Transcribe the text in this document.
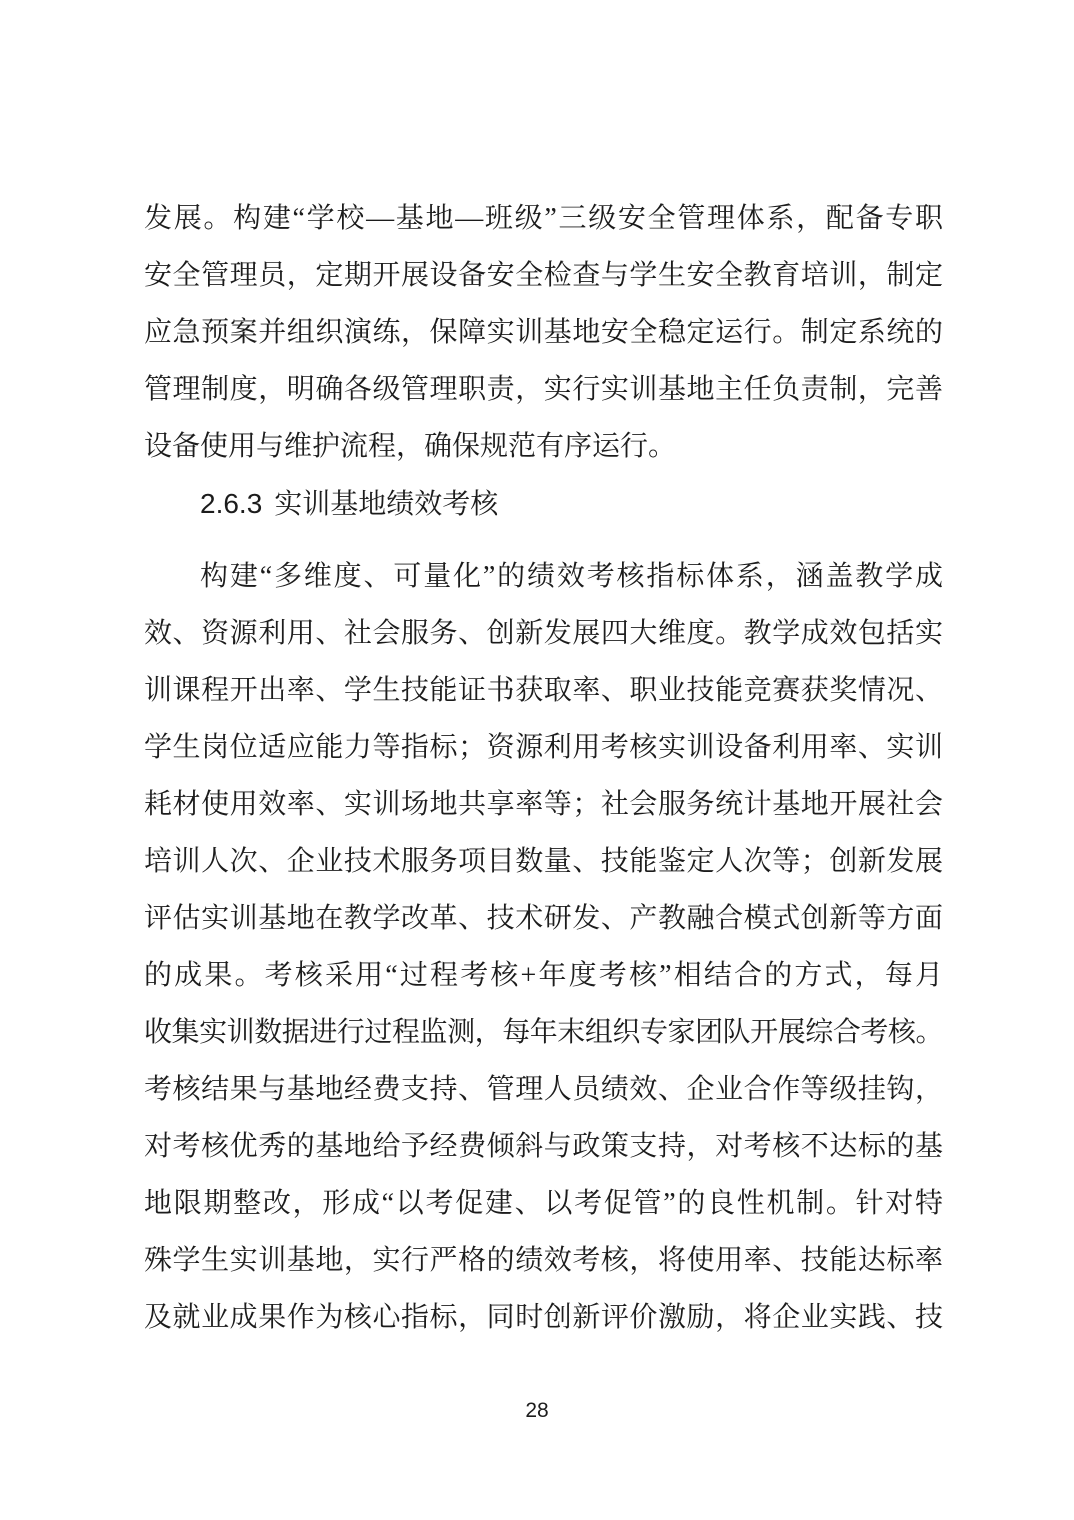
发展。构建“学校—基地—班级”三级安全管理体系，配备专职
安全管理员，定期开展设备安全检查与学生安全教育培训，制定
应急预案并组织演练，保障实训基地安全稳定运行。制定系统的
管理制度，明确各级管理职责，实行实训基地主任负责制，完善
设备使用与维护流程，确保规范有序运行。
2.6.3 实训基地绩效考核
构建“多维度、可量化”的绩效考核指标体系，涵盖教学成
效、资源利用、社会服务、创新发展四大维度。教学成效包括实
训课程开出率、学生技能证书获取率、职业技能竞赛获奖情况、
学生岗位适应能力等指标；资源利用考核实训设备利用率、实训
耗材使用效率、实训场地共享率等；社会服务统计基地开展社会
培训人次、企业技术服务项目数量、技能鉴定人次等；创新发展
评估实训基地在教学改革、技术研发、产教融合模式创新等方面
的成果。考核采用“过程考核+年度考核”相结合的方式，每月
收集实训数据进行过程监测，每年末组织专家团队开展综合考核。
考核结果与基地经费支持、管理人员绩效、企业合作等级挂钩，
对考核优秀的基地给予经费倾斜与政策支持，对考核不达标的基
地限期整改，形成“以考促建、以考促管”的良性机制。针对特
殊学生实训基地，实行严格的绩效考核，将使用率、技能达标率
及就业成果作为核心指标，同时创新评价激励，将企业实践、技
28
